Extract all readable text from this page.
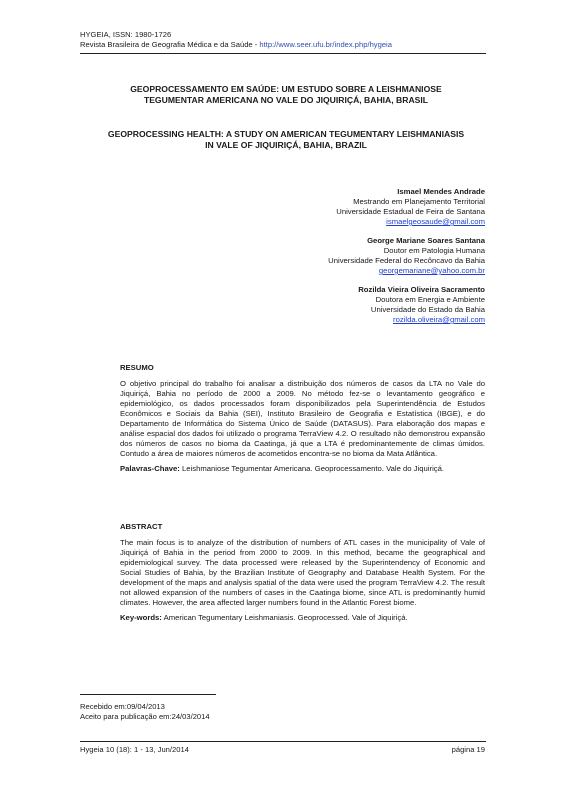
HYGEIA, ISSN: 1980-1726
Revista Brasileira de Geografia Médica e da Saúde - http://www.seer.ufu.br/index.php/hygeia
GEOPROCESSAMENTO EM SAÚDE: UM ESTUDO SOBRE A LEISHMANIOSE
TEGUMENTAR AMERICANA NO VALE DO JIQUIRIÇÁ, BAHIA, BRASIL
GEOPROCESSING HEALTH: A STUDY ON AMERICAN TEGUMENTARY LEISHMANIASIS
IN VALE OF JIQUIRIÇÁ, BAHIA, BRAZIL
Ismael Mendes Andrade
Mestrando em Planejamento Territorial
Universidade Estadual de Feira de Santana
ismaelgeosaude@gmail.com
George Mariane Soares Santana
Doutor em Patologia Humana
Universidade Federal do Recôncavo da Bahia
georgemariane@yahoo.com.br
Rozilda Vieira Oliveira Sacramento
Doutora em Energia e Ambiente
Universidade do Estado da Bahia
rozilda.oliveira@gmail.com
RESUMO
O objetivo principal do trabalho foi analisar a distribuição dos números de casos da LTA no Vale do Jiquiriçá, Bahia no período de 2000 a 2009. No método fez-se o levantamento geográfico e epidemiológico, os dados processados foram disponibilizados pela Superintendência de Estudos Econômicos e Sociais da Bahia (SEI), Instituto Brasileiro de Geografia e Estatística (IBGE), e do Departamento de Informática do Sistema Único de Saúde (DATASUS). Para elaboração dos mapas e análise espacial dos dados foi utilizado o programa TerraView 4.2. O resultado não demonstrou expansão dos números de casos no bioma da Caatinga, já que a LTA é predominantemente de climas úmidos. Contudo a área de maiores números de acometidos encontra-se no bioma da Mata Atlântica.
Palavras-Chave: Leishmaniose Tegumentar Americana. Geoprocessamento. Vale do Jiquiriçá.
ABSTRACT
The main focus is to analyze of the distribution of numbers of ATL cases in the municipality of Vale of Jiquiriçá of Bahia in the period from 2000 to 2009. In this method, became the geographical and epidemiological survey. The data processed were released by the Superintendency of Economic and Social Studies of Bahia, by the Brazilian Institute of Geography and Database Health System. For the development of the maps and analysis spatial of the data were used the program TerraView 4.2. The result not allowed expansion of the numbers of cases in the Caatinga biome, since ATL is predominantly humid climates. However, the area affected larger numbers found in the Atlantic Forest biome.
Key-words: American Tegumentary Leishmaniasis. Geoprocessed. Vale of Jiquiriçá.
Recebido em:09/04/2013
Aceito para publicação em:24/03/2014
Hygeia 10 (18): 1 - 13, Jun/2014	página 19
